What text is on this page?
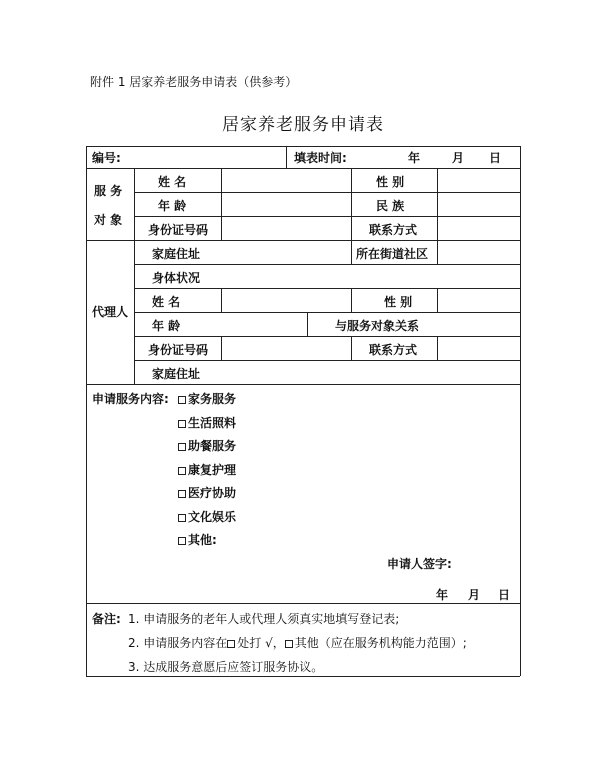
附件 1 居家养老服务申请表（供参考）
居家养老服务申请表
编号:	填表时间:	年	月 日
服 务
对 象
姓 名	性 别
年 龄	民 族
身份证号码	联系方式
家庭住址	所在街道社区
身体状况
代理人
姓 名	性 别
年 龄	与服务对象关系
身份证号码	联系方式
家庭住址
申请服务内容:	家务服务
生活照料
助餐服务
康复护理
医疗协助
文化娱乐
其他:
申请人签字:
年 月 日
备注: 1. 申请服务的老年人或代理人须真实地填写登记表;
2. 申请服务内容在 处打 √， 其他（应在服务机构能力范围）;
3. 达成服务意愿后应签订服务协议。
